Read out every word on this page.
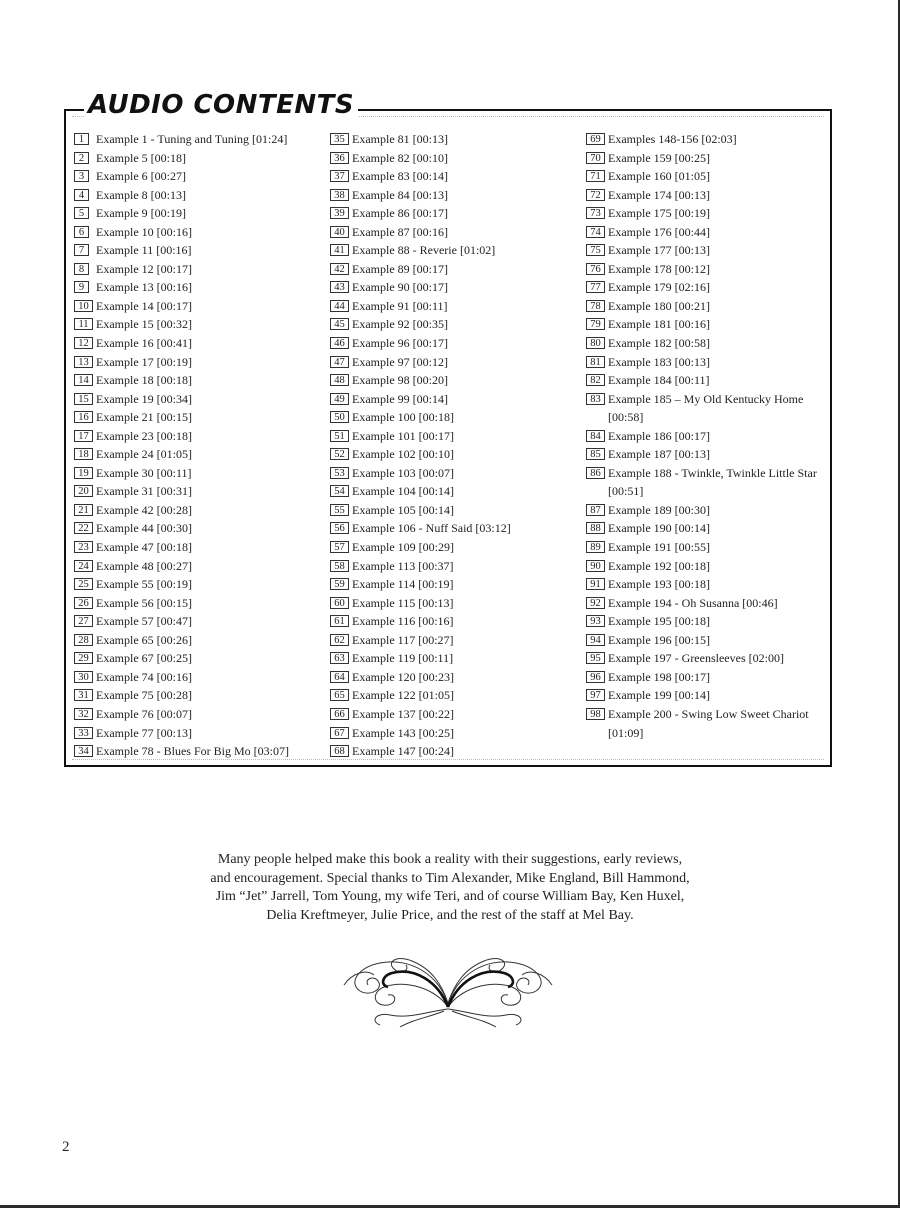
AUDIO CONTENTS
1 Example 1 - Tuning and Tuning [01:24]
2 Example 5 [00:18]
3 Example 6 [00:27]
4 Example 8 [00:13]
5 Example 9 [00:19]
6 Example 10 [00:16]
7 Example 11 [00:16]
8 Example 12 [00:17]
9 Example 13 [00:16]
10 Example 14 [00:17]
11 Example 15 [00:32]
12 Example 16 [00:41]
13 Example 17 [00:19]
14 Example 18 [00:18]
15 Example 19 [00:34]
16 Example 21 [00:15]
17 Example 23 [00:18]
18 Example 24 [01:05]
19 Example 30 [00:11]
20 Example 31 [00:31]
21 Example 42 [00:28]
22 Example 44 [00:30]
23 Example 47 [00:18]
24 Example 48 [00:27]
25 Example 55 [00:19]
26 Example 56 [00:15]
27 Example 57 [00:47]
28 Example 65 [00:26]
29 Example 67 [00:25]
30 Example 74 [00:16]
31 Example 75 [00:28]
32 Example 76 [00:07]
33 Example 77 [00:13]
34 Example 78 - Blues For Big Mo [03:07]
35 Example 81 [00:13]
36 Example 82 [00:10]
37 Example 83 [00:14]
38 Example 84 [00:13]
39 Example 86 [00:17]
40 Example 87 [00:16]
41 Example 88 - Reverie [01:02]
42 Example 89 [00:17]
43 Example 90 [00:17]
44 Example 91 [00:11]
45 Example 92 [00:35]
46 Example 96 [00:17]
47 Example 97 [00:12]
48 Example 98 [00:20]
49 Example 99 [00:14]
50 Example 100 [00:18]
51 Example 101 [00:17]
52 Example 102 [00:10]
53 Example 103 [00:07]
54 Example 104 [00:14]
55 Example 105 [00:14]
56 Example 106 - Nuff Said [03:12]
57 Example 109 [00:29]
58 Example 113 [00:37]
59 Example 114 [00:19]
60 Example 115 [00:13]
61 Example 116 [00:16]
62 Example 117 [00:27]
63 Example 119 [00:11]
64 Example 120 [00:23]
65 Example 122 [01:05]
66 Example 137 [00:22]
67 Example 143 [00:25]
68 Example 147 [00:24]
69 Examples 148-156 [02:03]
70 Example 159 [00:25]
71 Example 160 [01:05]
72 Example 174 [00:13]
73 Example 175 [00:19]
74 Example 176 [00:44]
75 Example 177 [00:13]
76 Example 178 [00:12]
77 Example 179 [02:16]
78 Example 180 [00:21]
79 Example 181 [00:16]
80 Example 182 [00:58]
81 Example 183 [00:13]
82 Example 184 [00:11]
83 Example 185 – My Old Kentucky Home [00:58]
84 Example 186 [00:17]
85 Example 187 [00:13]
86 Example 188 - Twinkle, Twinkle Little Star [00:51]
87 Example 189 [00:30]
88 Example 190 [00:14]
89 Example 191 [00:55]
90 Example 192 [00:18]
91 Example 193 [00:18]
92 Example 194 - Oh Susanna [00:46]
93 Example 195 [00:18]
94 Example 196 [00:15]
95 Example 197 - Greensleeves [02:00]
96 Example 198 [00:17]
97 Example 199 [00:14]
98 Example 200 - Swing Low Sweet Chariot [01:09]
Many people helped make this book a reality with their suggestions, early reviews,
and encouragement. Special thanks to Tim Alexander, Mike England, Bill Hammond,
Jim “Jet” Jarrell, Tom Young, my wife Teri, and of course William Bay, Ken Huxel,
Delia Kreftmeyer, Julie Price, and the rest of the staff at Mel Bay.
2
